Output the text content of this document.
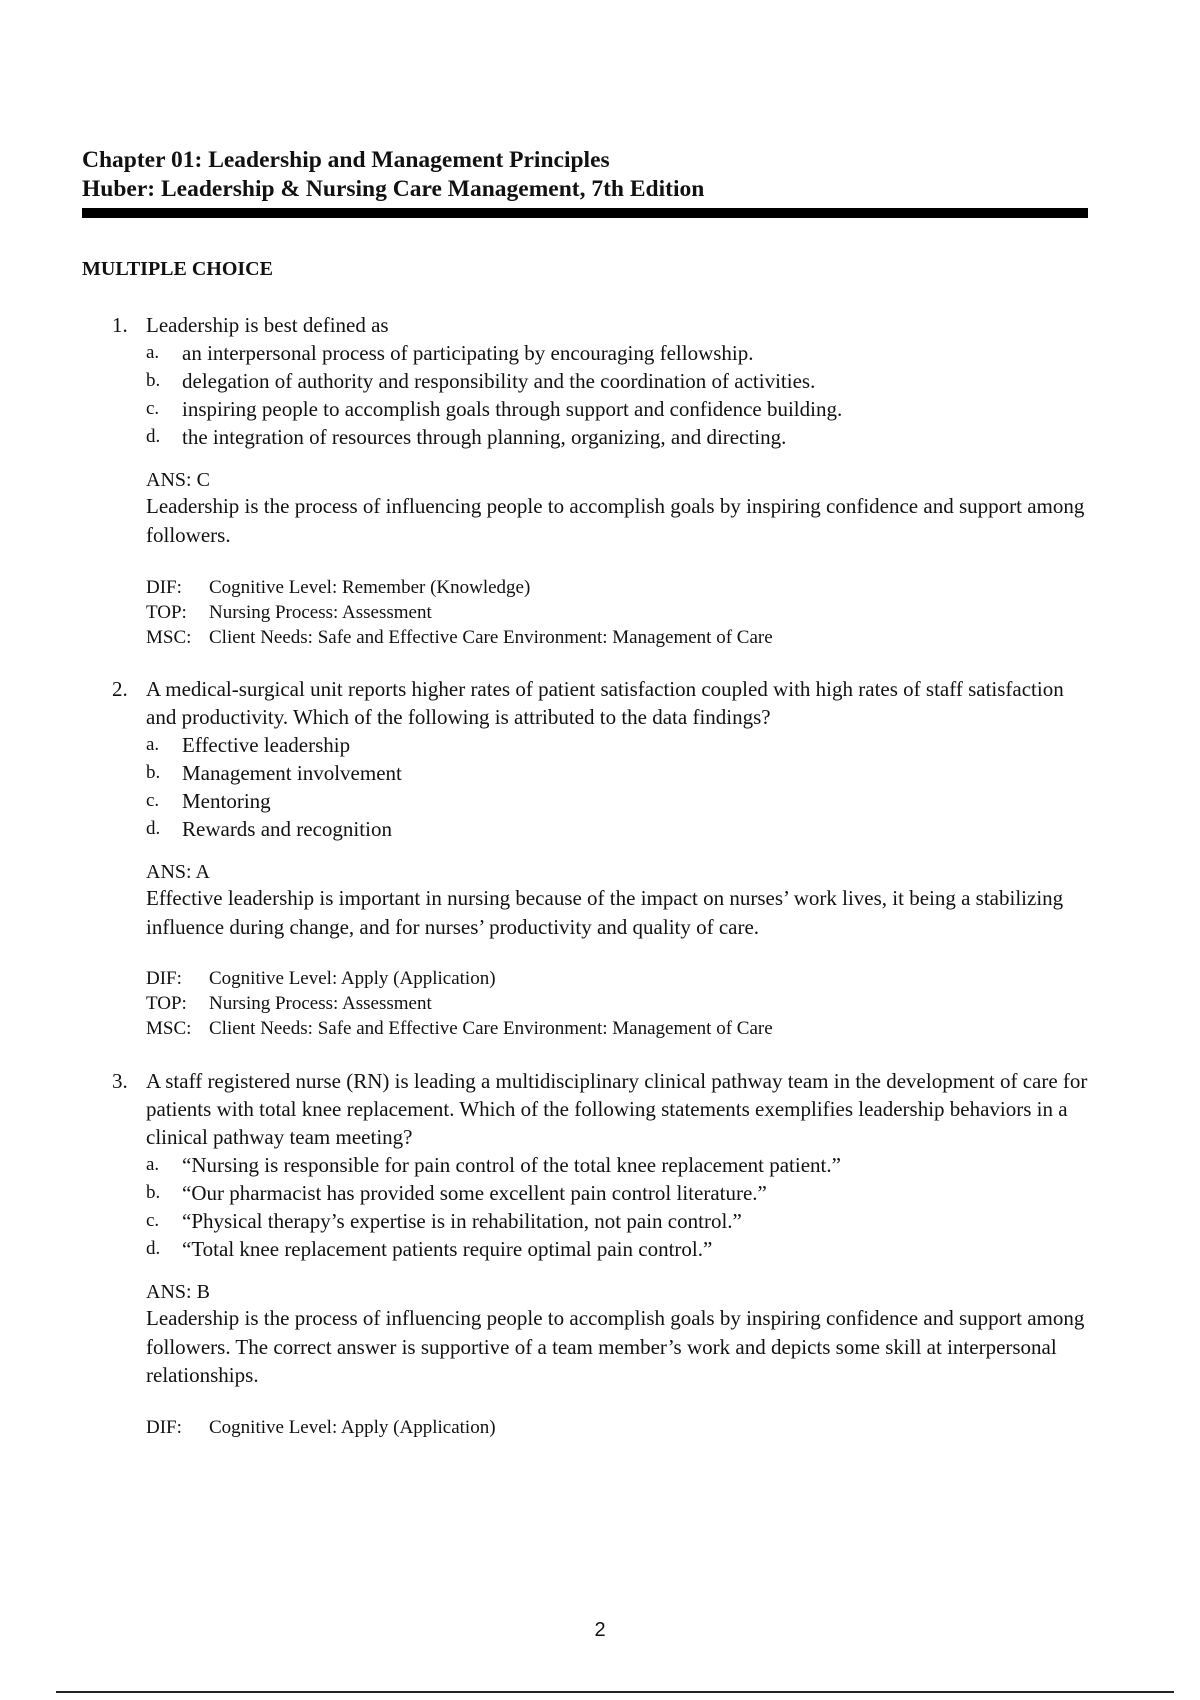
Chapter 01: Leadership and Management Principles

Huber: Leadership & Nursing Care Management, 7th Edition

MULTIPLE CHOICE

1. Leadership is best defined as

a.	an interpersonal process of participating by encouraging fellowship.
b.	delegation of authority and responsibility and the coordination of activities.
c.	inspiring people to accomplish goals through support and confidence building.
d.	the integration of resources through planning, organizing, and directing.

ANS: C

Leadership is the process of influencing people to accomplish goals by inspiring confidence and support among followers.

DIF: Cognitive Level: Remember (Knowledge)
TOP: Nursing Process: Assessment
MSC: Client Needs: Safe and Effective Care Environment: Management of Care
2. A medical-surgical unit reports higher rates of patient satisfaction coupled with high rates of staff satisfaction and productivity. Which of the following is attributed to the data findings?

a.	Effective leadership
b.	Management involvement
c.	Mentoring
d.	Rewards and recognition

ANS: A

Effective leadership is important in nursing because of the impact on nurses’ work lives, it being a stabilizing influence during change, and for nurses’ productivity and quality of care.

DIF: Cognitive Level: Apply (Application)
TOP: Nursing Process: Assessment
MSC: Client Needs: Safe and Effective Care Environment: Management of Care
3. A staff registered nurse (RN) is leading a multidisciplinary clinical pathway team in the development of care for patients with total knee replacement. Which of the following statements exemplifies leadership behaviors in a clinical pathway team meeting?

a.	“Nursing is responsible for pain control of the total knee replacement patient.”
b.	“Our pharmacist has provided some excellent pain control literature.”
c.	“Physical therapy’s expertise is in rehabilitation, not pain control.”
d.	“Total knee replacement patients require optimal pain control.”

ANS: B

Leadership is the process of influencing people to accomplish goals by inspiring confidence and support among followers. The correct answer is supportive of a team member’s work and depicts some skill at interpersonal relationships.

DIF: Cognitive Level: Apply (Application)
2
